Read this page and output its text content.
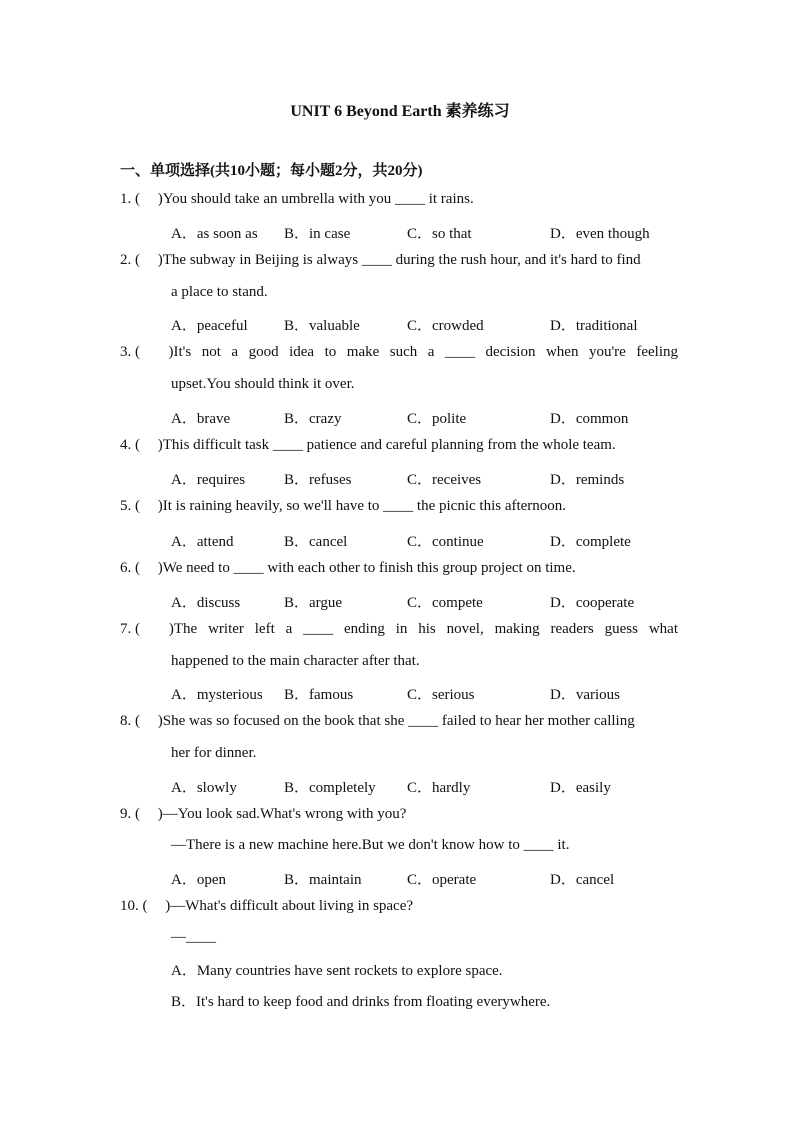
UNIT 6 Beyond Earth 素养练习
一、单项选择(共10小题；每小题2分，共20分)
1. ( )You should take an umbrella with you ____ it rains.
A．as soon as B．in case	C．so that	D．even though
2. ( )The subway in Beijing is always ____ during the rush hour, and it's hard to find
a place to stand.
A．peaceful B．valuable	C．crowded	D．traditional
3. ( )It's not a good idea to make such a ____ decision when you're feeling
upset.You should think it over.
A．brave	B．crazy	C．polite	D．common
4. ( )This difficult task ____ patience and careful planning from the whole team.
A．requires	B．refuses	C．receives	D．reminds
5. ( )It is raining heavily, so we'll have to ____ the picnic this afternoon.
A．attend	B．cancel	C．continue	D．complete
6. ( )We need to ____ with each other to finish this group project on time.
A．discuss	B．argue	C．compete	D．cooperate
7. ( )The writer left a ____ ending in his novel, making readers guess what
happened to the main character after that.
A．mysterious B．famous	C．serious	D．various
8. ( )She was so focused on the book that she ____ failed to hear her mother calling
her for dinner.
A．slowly	B．completely C．hardly	D．easily
9. ( )—You look sad.What's wrong with you?
—There is a new machine here.But we don't know how to ____ it.
A．open	B．maintain	C．operate	D．cancel
10. ( )—What's difficult about living in space?
—____
A．Many countries have sent rockets to explore space.
B．It's hard to keep food and drinks from floating everywhere.
